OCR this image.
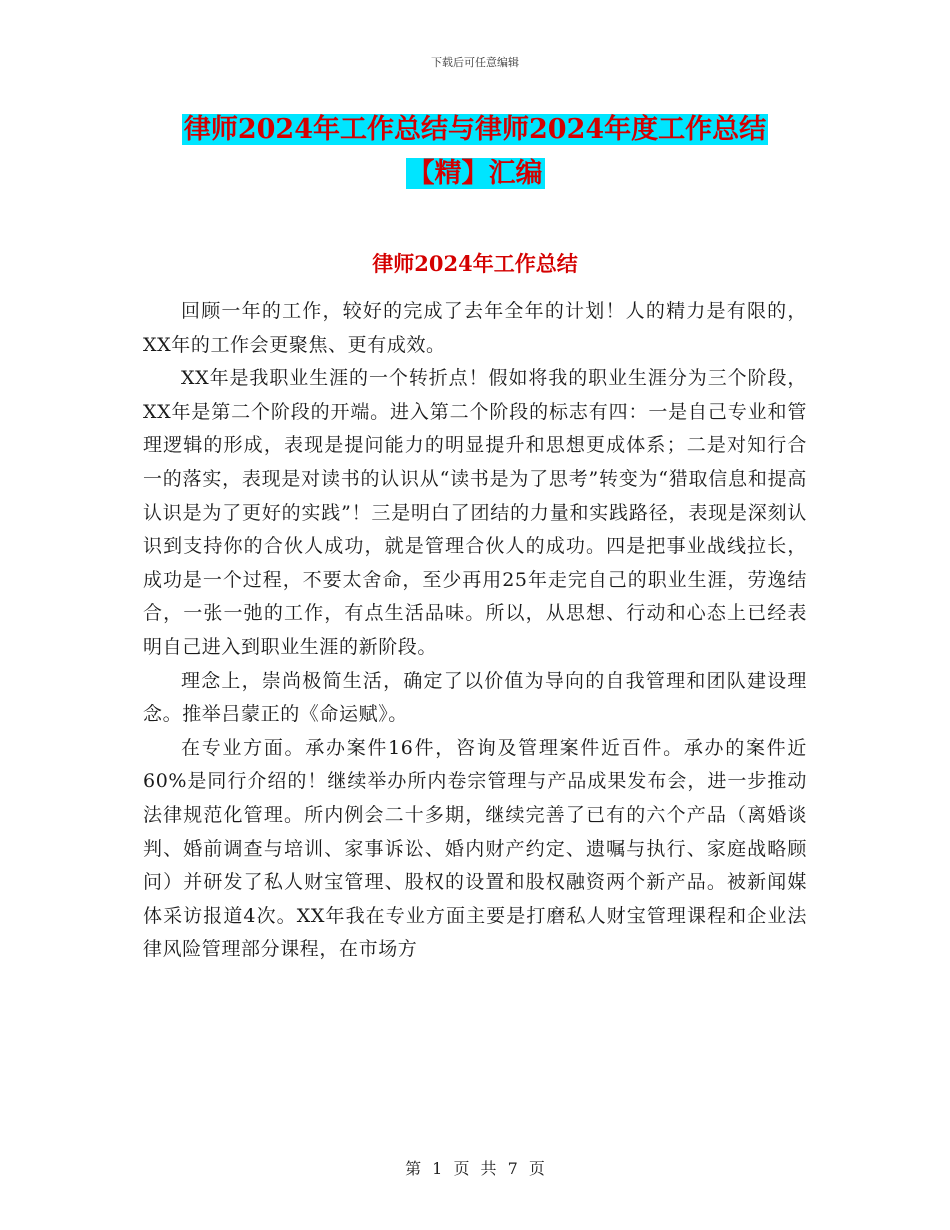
下载后可任意编辑
律师2024年工作总结与律师2024年度工作总结
【精】汇编
律师2024年工作总结

回顾一年的工作，较好的完成了去年全年的计划！人的精力是有限的，XX年的工作会更聚焦、更有成效。

XX年是我职业生涯的一个转折点！假如将我的职业生涯分为三个阶段，XX年是第二个阶段的开端。进入第二个阶段的标志有四：一是自己专业和管理逻辑的形成，表现是提问能力的明显提升和思想更成体系；二是对知行合一的落实，表现是对读书的认识从“读书是为了思考”转变为“猎取信息和提高认识是为了更好的实践”！三是明白了团结的力量和实践路径，表现是深刻认识到支持你的合伙人成功，就是管理合伙人的成功。四是把事业战线拉长，成功是一个过程，不要太舍命，至少再用25年走完自己的职业生涯，劳逸结合，一张一弛的工作，有点生活品味。所以，从思想、行动和心态上已经表明自己进入到职业生涯的新阶段。

理念上，崇尚极简生活，确定了以价值为导向的自我管理和团队建设理念。推举吕蒙正的《命运赋》。

在专业方面。承办案件16件，咨询及管理案件近百件。承办的案件近60%是同行介绍的！继续举办所内卷宗管理与产品成果发布会，进一步推动法律规范化管理。所内例会二十多期，继续完善了已有的六个产品（离婚谈判、婚前调查与培训、家事诉讼、婚内财产约定、遗嘱与执行、家庭战略顾问）并研发了私人财宝管理、股权的设置和股权融资两个新产品。被新闻媒体采访报道4次。XX年我在专业方面主要是打磨私人财宝管理课程和企业法律风险管理部分课程，在市场方

第 1 页 共 7 页
